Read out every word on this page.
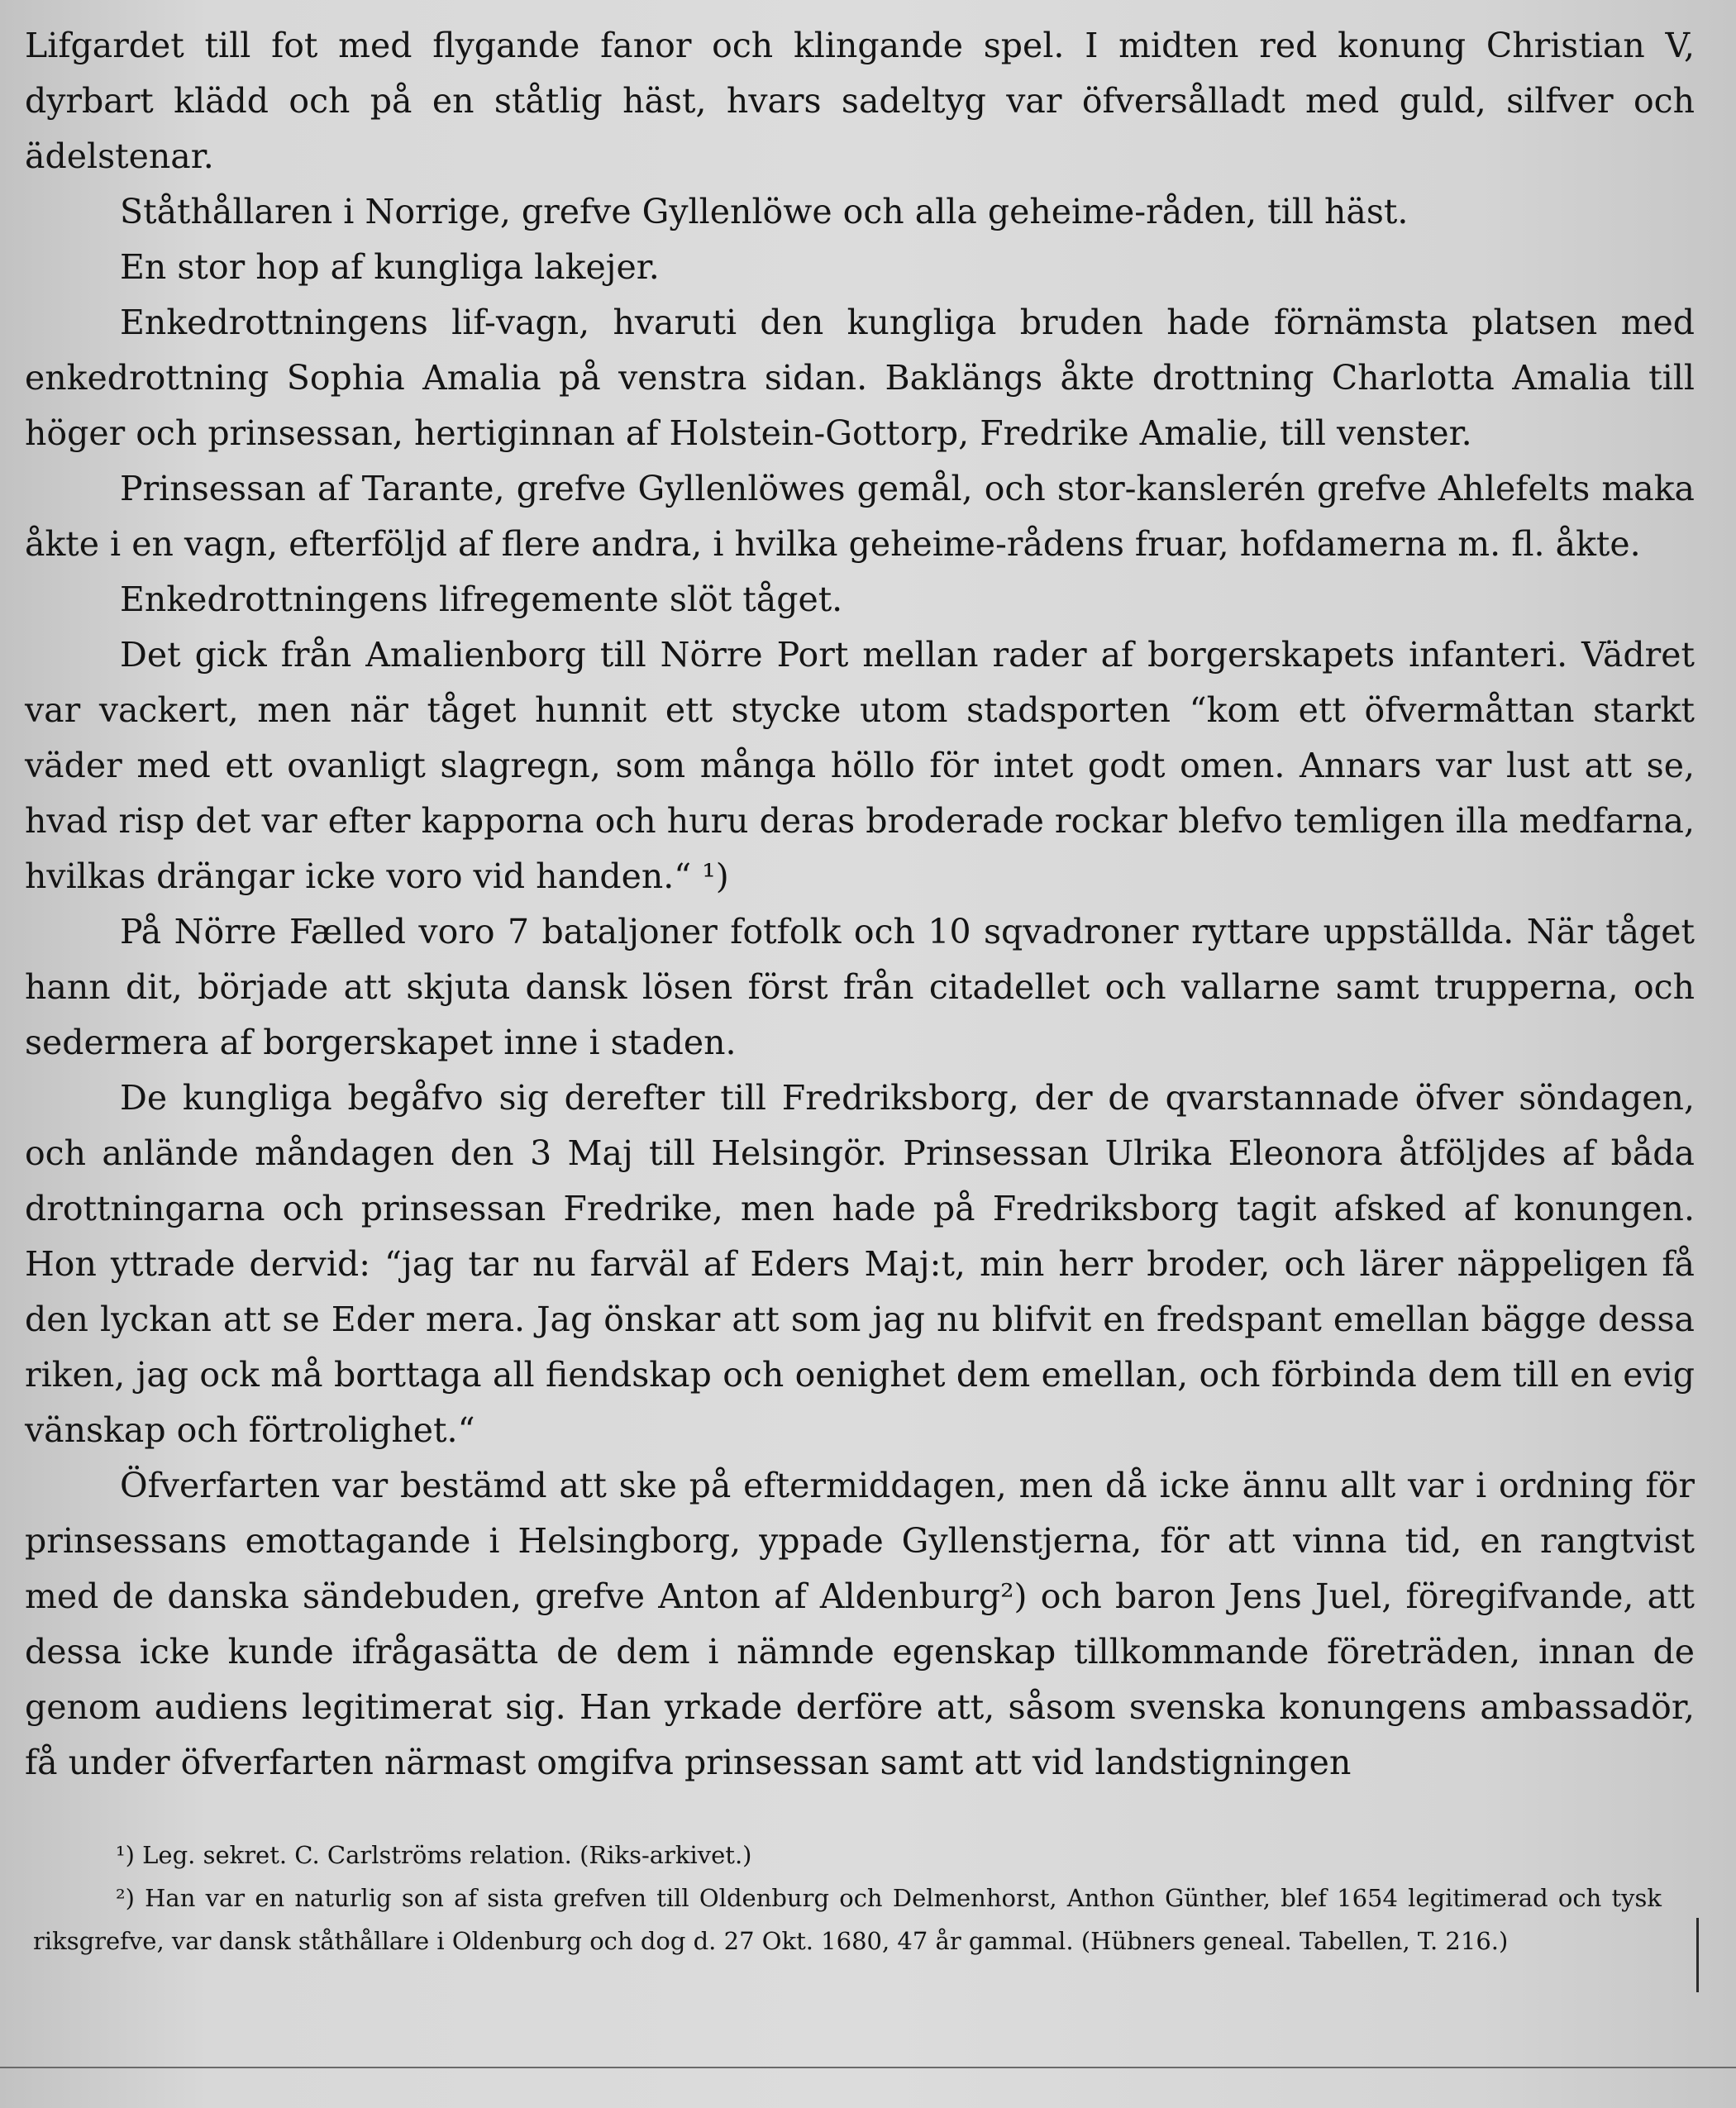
Lifgardet till fot med flygande fanor och klingande spel. I midten red konung Christian V, dyrbart klädd och på en ståtlig häst, hvars sadeltyg var öfversålladt med guld, silfver och ädelstenar.

Ståthållaren i Norrige, grefve Gyllenlöwe och alla geheime-råden, till häst.

En stor hop af kungliga lakejer.

Enkedrottningens lif-vagn, hvaruti den kungliga bruden hade förnämsta platsen med enkedrottning Sophia Amalia på venstra sidan. Baklängs åkte drottning Charlotta Amalia till höger och prinsessan, hertiginnan af Holstein-Gottorp, Fredrike Amalie, till venster.

Prinsessan af Tarante, grefve Gyllenlöwes gemål, och stor-kanslerén grefve Ahlefelts maka åkte i en vagn, efterföljd af flere andra, i hvilka geheime-rådens fruar, hofdamerna m. fl. åkte.

Enkedrottningens lifregemente slöt tåget.

Det gick från Amalienborg till Nörre Port mellan rader af borgerskapets infanteri. Vädret var vackert, men när tåget hunnit ett stycke utom stadsporten “kom ett öfvermåttan starkt väder med ett ovanligt slagregn, som många höllo för intet godt omen. Annars var lust att se, hvad risp det var efter kapporna och huru deras broderade rockar blefvo temligen illa medfarna, hvilkas drängar icke voro vid handen.“ ¹)

På Nörre Fælled voro 7 bataljoner fotfolk och 10 sqvadroner ryttare uppställda. När tåget hann dit, började att skjuta dansk lösen först från citadellet och vallarne samt trupperna, och sedermera af borgerskapet inne i staden.

De kungliga begåfvo sig derefter till Fredriksborg, der de qvarstannade öfver söndagen, och anlände måndagen den 3 Maj till Helsingör. Prinsessan Ulrika Eleonora åtföljdes af båda drottningarna och prinsessan Fredrike, men hade på Fredriksborg tagit afsked af konungen. Hon yttrade dervid: “jag tar nu farväl af Eders Maj:t, min herr broder, och lärer näppeligen få den lyckan att se Eder mera. Jag önskar att som jag nu blifvit en fredspant emellan bägge dessa riken, jag ock må borttaga all fiendskap och oenighet dem emellan, och förbinda dem till en evig vänskap och förtrolighet.“

Öfverfarten var bestämd att ske på eftermiddagen, men då icke ännu allt var i ordning för prinsessans emottagande i Helsingborg, yppade Gyllenstjerna, för att vinna tid, en rangtvist med de danska sändebuden, grefve Anton af Aldenburg²) och baron Jens Juel, föregifvande, att dessa icke kunde ifrågasätta de dem i nämnde egenskap tillkommande företräden, innan de genom audiens legitimerat sig. Han yrkade derföre att, såsom svenska konungens ambassadör, få under öfverfarten närmast omgifva prinsessan samt att vid landstigningen

¹) Leg. sekret. C. Carlströms relation. (Riks-arkivet.)

²) Han var en naturlig son af sista grefven till Oldenburg och Delmenhorst, Anthon Günther, blef 1654 legitimerad och tysk riksgrefve, var dansk ståthållare i Oldenburg och dog d. 27 Okt. 1680, 47 år gammal. (Hübners geneal. Tabellen, T. 216.)
